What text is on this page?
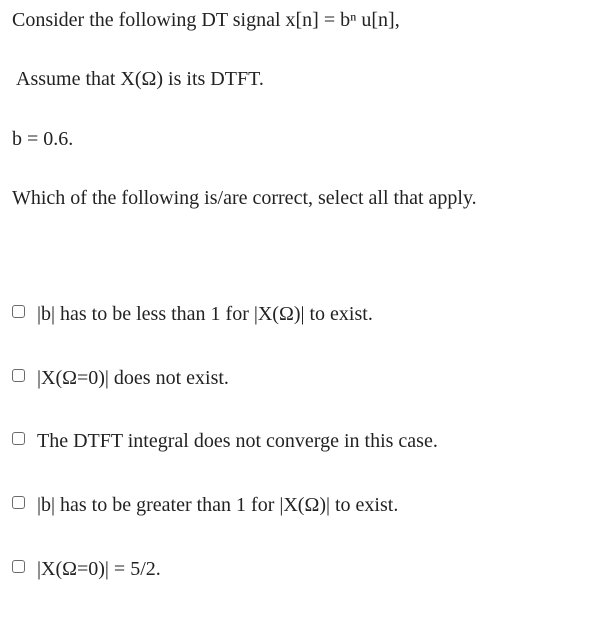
Consider the following DT signal x[n] = bⁿ u[n],
Assume that X(Ω) is its DTFT.
b = 0.6.
Which of the following is/are correct, select all that apply.
|b| has to be less than 1 for |X(Ω)| to exist.
|X(Ω=0)| does not exist.
The DTFT integral does not converge in this case.
|b| has to be greater than 1 for |X(Ω)| to exist.
|X(Ω=0)| = 5/2.
